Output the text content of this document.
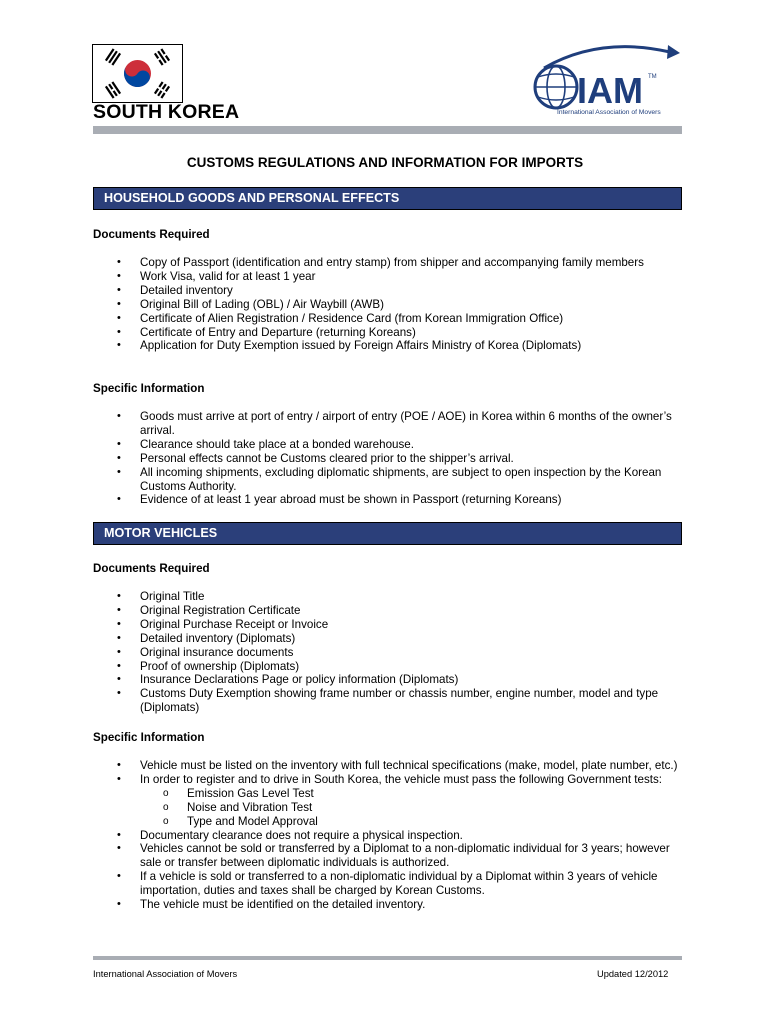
SOUTH KOREA
IAM TM
International Association of Movers
CUSTOMS REGULATIONS AND INFORMATION FOR IMPORTS
HOUSEHOLD GOODS AND PERSONAL EFFECTS
Documents Required
• Copy of Passport (identification and entry stamp) from shipper and accompanying family members
• Work Visa, valid for at least 1 year
• Detailed inventory
• Original Bill of Lading (OBL) / Air Waybill (AWB)
• Certificate of Alien Registration / Residence Card (from Korean Immigration Office)
• Certificate of Entry and Departure (returning Koreans)
• Application for Duty Exemption issued by Foreign Affairs Ministry of Korea (Diplomats)
Specific Information
• Goods must arrive at port of entry / airport of entry (POE / AOE) in Korea within 6 months of the owner’s arrival.
• Clearance should take place at a bonded warehouse.
• Personal effects cannot be Customs cleared prior to the shipper’s arrival.
• All incoming shipments, excluding diplomatic shipments, are subject to open inspection by the Korean Customs Authority.
• Evidence of at least 1 year abroad must be shown in Passport (returning Koreans)
MOTOR VEHICLES
Documents Required
• Original Title
• Original Registration Certificate
• Original Purchase Receipt or Invoice
• Detailed inventory (Diplomats)
• Original insurance documents
• Proof of ownership (Diplomats)
• Insurance Declarations Page or policy information (Diplomats)
• Customs Duty Exemption showing frame number or chassis number, engine number, model and type (Diplomats)
Specific Information
• Vehicle must be listed on the inventory with full technical specifications (make, model, plate number, etc.)
• In order to register and to drive in South Korea, the vehicle must pass the following Government tests:
o Emission Gas Level Test
o Noise and Vibration Test
o Type and Model Approval
• Documentary clearance does not require a physical inspection.
• Vehicles cannot be sold or transferred by a Diplomat to a non-diplomatic individual for 3 years; however sale or transfer between diplomatic individuals is authorized.
• If a vehicle is sold or transferred to a non-diplomatic individual by a Diplomat within 3 years of vehicle importation, duties and taxes shall be charged by Korean Customs.
• The vehicle must be identified on the detailed inventory.
International Association of Movers	Updated 12/2012
